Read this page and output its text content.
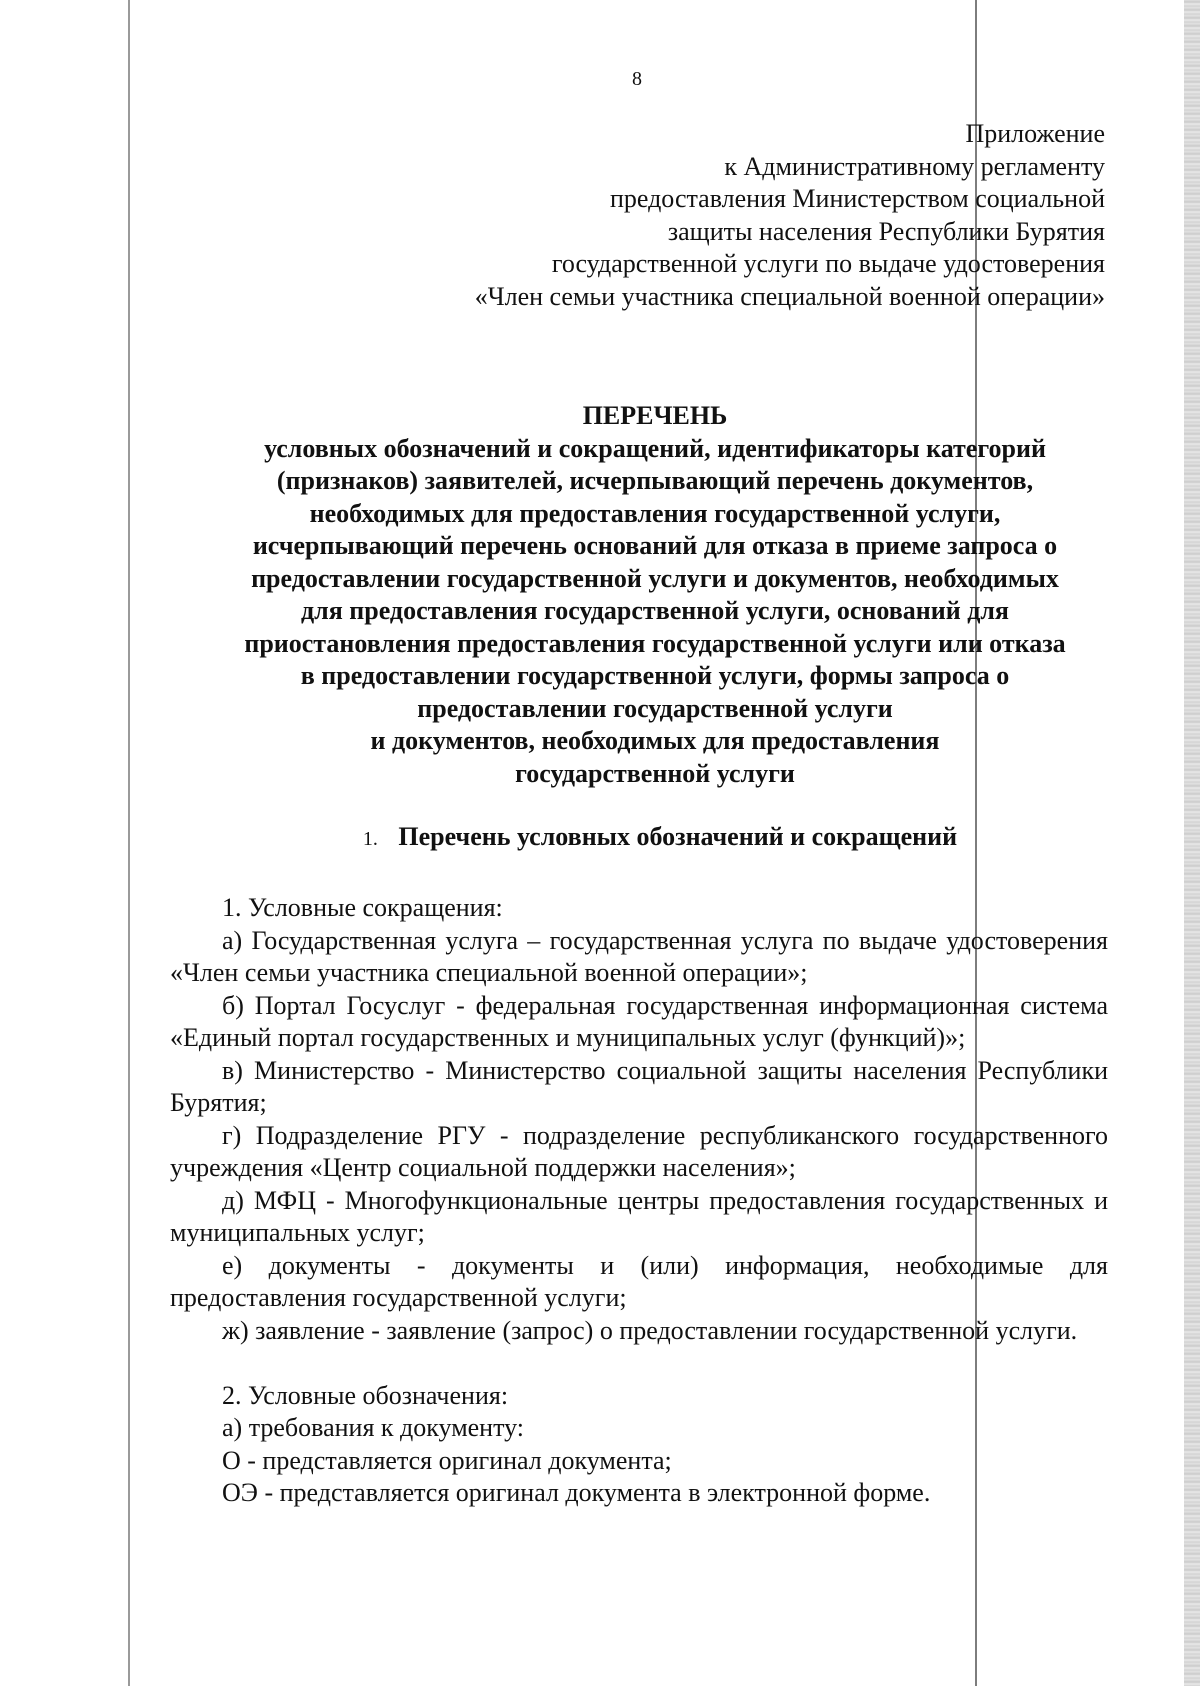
8
Приложение
к Административному регламенту
предоставления Министерством социальной
защиты населения Республики Бурятия
государственной услуги по выдаче удостоверения
«Член семьи участника специальной военной операции»
ПЕРЕЧЕНЬ
условных обозначений и сокращений, идентификаторы категорий
(признаков) заявителей, исчерпывающий перечень документов,
необходимых для предоставления государственной услуги,
исчерпывающий перечень оснований для отказа в приеме запроса о
предоставлении государственной услуги и документов, необходимых
для предоставления государственной услуги, оснований для
приостановления предоставления государственной услуги или отказа
в предоставлении государственной услуги, формы запроса о
предоставлении государственной услуги
и документов, необходимых для предоставления
государственной услуги
1. Перечень условных обозначений и сокращений

1. Условные сокращения:

а) Государственная услуга – государственная услуга по выдаче удостоверения «Член семьи участника специальной военной операции»;

б) Портал Госуслуг - федеральная государственная информационная система «Единый портал государственных и муниципальных услуг (функций)»;

в) Министерство - Министерство социальной защиты населения Республики Бурятия;

г) Подразделение РГУ - подразделение республиканского государственного учреждения «Центр социальной поддержки населения»;

д) МФЦ - Многофункциональные центры предоставления государственных и муниципальных услуг;

е) документы - документы и (или) информация, необходимые для предоставления государственной услуги;

ж) заявление - заявление (запрос) о предоставлении государственной услуги.

2. Условные обозначения:

а) требования к документу:

О - представляется оригинал документа;

ОЭ - представляется оригинал документа в электронной форме.
